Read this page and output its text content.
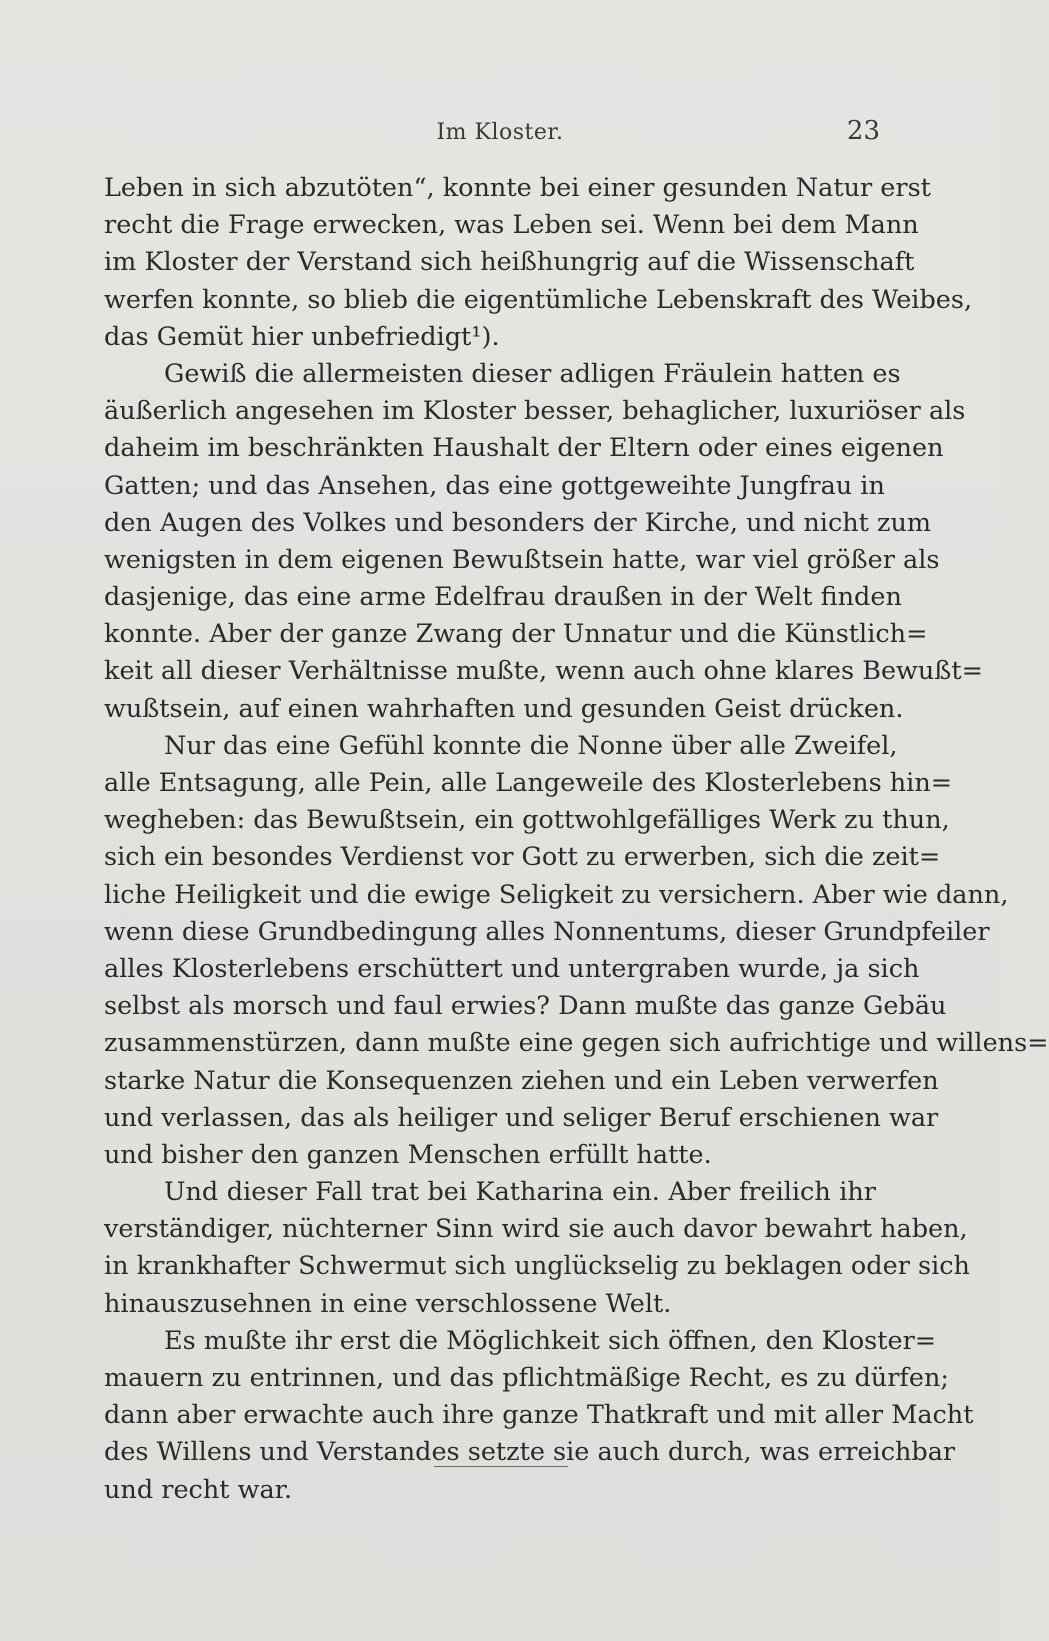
Im Kloster.	23
Leben in sich abzutöten“, konnte bei einer gesunden Natur erst
recht die Frage erwecken, was Leben sei. Wenn bei dem Mann
im Kloster der Verstand sich heißhungrig auf die Wissenschaft
werfen konnte, so blieb die eigentümliche Lebenskraft des Weibes,
das Gemüt hier unbefriedigt¹).
Gewiß die allermeisten dieser adligen Fräulein hatten es
äußerlich angesehen im Kloster besser, behaglicher, luxuriöser als
daheim im beschränkten Haushalt der Eltern oder eines eigenen
Gatten; und das Ansehen, das eine gottgeweihte Jungfrau in
den Augen des Volkes und besonders der Kirche, und nicht zum
wenigsten in dem eigenen Bewußtsein hatte, war viel größer als
dasjenige, das eine arme Edelfrau draußen in der Welt finden
konnte. Aber der ganze Zwang der Unnatur und die Künstlich=
keit all dieser Verhältnisse mußte, wenn auch ohne klares Bewußt=
wußtsein, auf einen wahrhaften und gesunden Geist drücken.
Nur das eine Gefühl konnte die Nonne über alle Zweifel,
alle Entsagung, alle Pein, alle Langeweile des Klosterlebens hin=
wegheben: das Bewußtsein, ein gottwohlgefälliges Werk zu thun,
sich ein besondes Verdienst vor Gott zu erwerben, sich die zeit=
liche Heiligkeit und die ewige Seligkeit zu versichern. Aber wie dann,
wenn diese Grundbedingung alles Nonnentums, dieser Grundpfeiler
alles Klosterlebens erschüttert und untergraben wurde, ja sich
selbst als morsch und faul erwies? Dann mußte das ganze Gebäu
zusammenstürzen, dann mußte eine gegen sich aufrichtige und willens=
starke Natur die Konsequenzen ziehen und ein Leben verwerfen
und verlassen, das als heiliger und seliger Beruf erschienen war
und bisher den ganzen Menschen erfüllt hatte.
Und dieser Fall trat bei Katharina ein. Aber freilich ihr
verständiger, nüchterner Sinn wird sie auch davor bewahrt haben,
in krankhafter Schwermut sich unglückselig zu beklagen oder sich
hinauszusehnen in eine verschlossene Welt.
Es mußte ihr erst die Möglichkeit sich öffnen, den Kloster=
mauern zu entrinnen, und das pflichtmäßige Recht, es zu dürfen;
dann aber erwachte auch ihre ganze Thatkraft und mit aller Macht
des Willens und Verstandes setzte sie auch durch, was erreichbar
und recht war.
